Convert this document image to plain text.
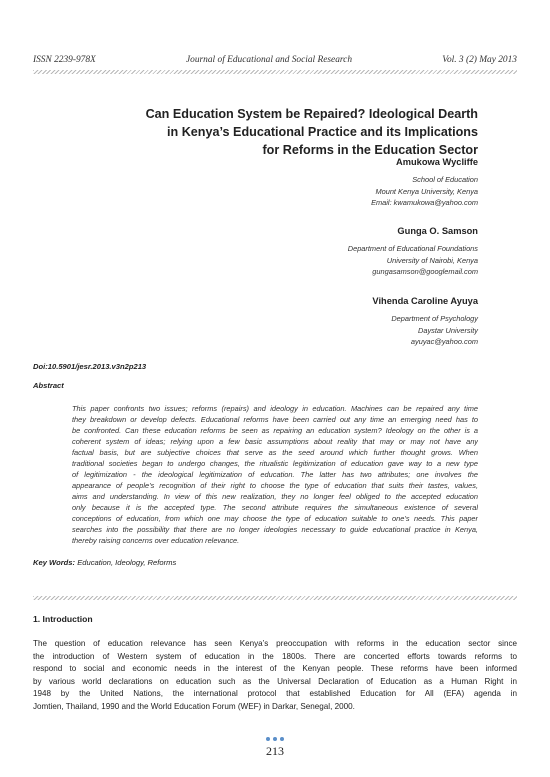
ISSN 2239-978X	Journal of Educational and Social Research	Vol. 3 (2) May 2013
Can Education System be Repaired? Ideological Dearth
in Kenya’s Educational Practice and its Implications
for Reforms in the Education Sector
Amukowa Wycliffe
School of Education
Mount Kenya University, Kenya
Email: kwamukowa@yahoo.com
Gunga O. Samson
Department of Educational Foundations
University of Nairobi, Kenya
gungasamson@googlemail.com
Vihenda Caroline Ayuya
Department of Psychology
Daystar University
ayuyac@yahoo.com
Doi:10.5901/jesr.2013.v3n2p213
Abstract
This paper confronts two issues; reforms (repairs) and ideology in education. Machines can be repaired any time
they breakdown or develop defects. Educational reforms have been carried out any time an emerging need has to
be confronted. Can these education reforms be seen as repairing an education system? Ideology on the other is a
coherent system of ideas; relying upon a few basic assumptions about reality that may or may not have any
factual basis, but are subjective choices that serve as the seed around which further thought grows. When
traditional societies began to undergo changes, the ritualistic legitimization of education gave way to a new type
of legitimization - the ideological legitimization of education. The latter has two attributes; one involves the
appearance of people’s recognition of their right to choose the type of education that suits their tastes, values,
aims and understanding. In view of this new realization, they no longer feel obliged to the accepted education
only because it is the accepted type. The second attribute requires the simultaneous existence of several
conceptions of education, from which one may choose the type of education suitable to one’s needs. This paper
searches into the possibility that there are no longer ideologies necessary to guide educational practice in Kenya,
thereby raising concerns over education relevance.
Key Words: Education, Ideology, Reforms
1. Introduction
The question of education relevance has seen Kenya’s preoccupation with reforms in the education sector since
the introduction of Western system of education in the 1800s. There are concerted efforts towards reforms to
respond to social and economic needs in the interest of the Kenyan people. These reforms have been informed
by various world declarations on education such as the Universal Declaration of Education as a Human Right in
1948 by the United Nations, the international protocol that established Education for All (EFA) agenda in
Jomtien, Thailand, 1990 and the World Education Forum (WEF) in Darkar, Senegal, 2000.
213
